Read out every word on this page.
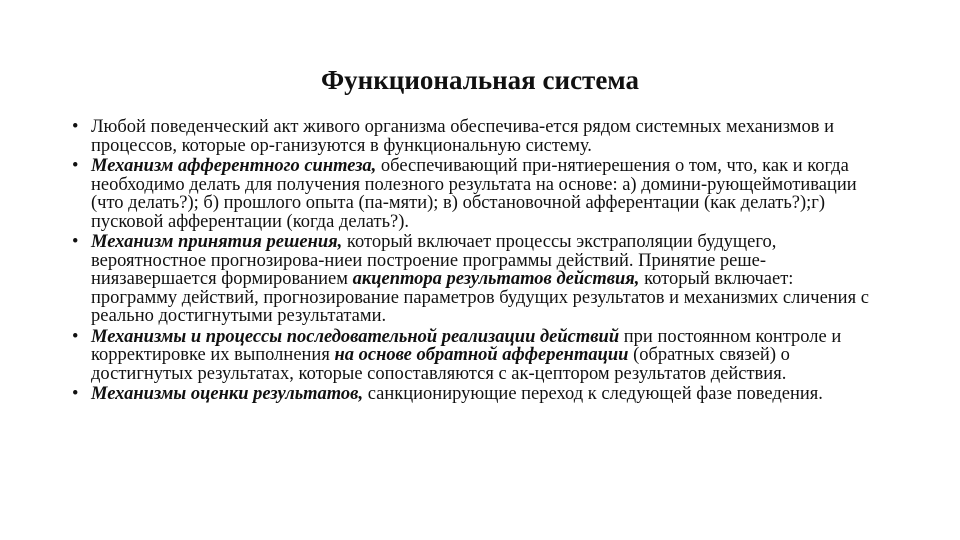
Функциональная система
• Любой поведенческий акт живого организма обеспечива-ется рядом системных механизмов и процессов, которые ор-ганизуются в функциональную систему.
• Механизм афферентного синтеза, обеспечивающий при-нятиерешения о том, что, как и когда необходимо делать для получения полезного результата на основе: а) домини-рующеймотивации (что делать?); б) прошлого опыта (па-мяти); в) обстановочной афферентации (как делать?);г) пусковой афферентации (когда делать?).
• Механизм принятия решения, который включает процессы экстраполяции будущего, вероятностное прогнозирова-ниеи построение программы действий. Принятие реше-ниязавершается формированием акцептора результатов действия, который включает: программу действий, прогнозирование параметров будущих результатов и механизмих сличения с реально достигнутыми результатами.
• Механизмы и процессы последовательной реализации действий при постоянном контроле и корректировке их выполнения на основе обратной афферентации (обратных связей) о достигнутых результатах, которые сопоставляются с ак-цептором результатов действия.
• Механизмы оценки результатов, санкционирующие переход к следующей фазе поведения.
